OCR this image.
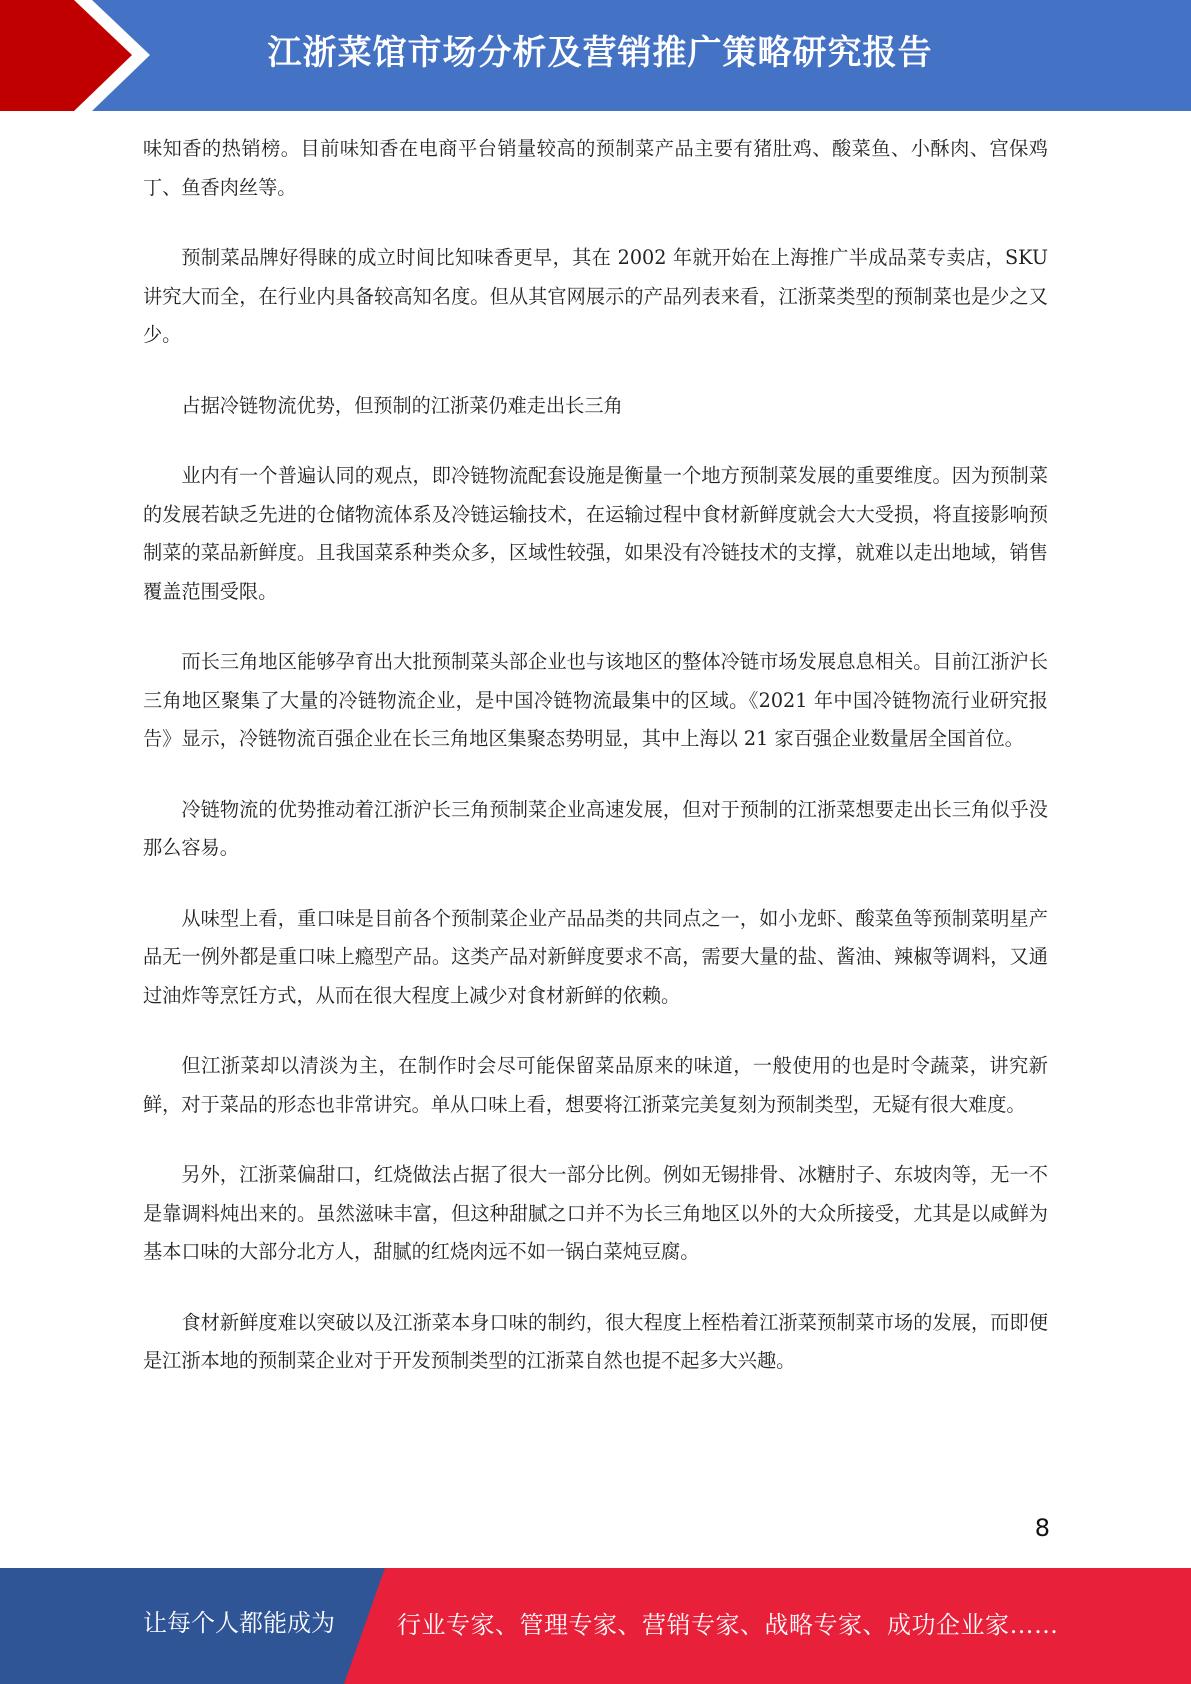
江浙菜馆市场分析及营销推广策略研究报告

味知香的热销榜。目前味知香在电商平台销量较高的预制菜产品主要有猪肚鸡、酸菜鱼、小酥肉、宫保鸡丁、鱼香肉丝等。

预制菜品牌好得睐的成立时间比知味香更早，其在 2002 年就开始在上海推广半成品菜专卖店，SKU 讲究大而全，在行业内具备较高知名度。但从其官网展示的产品列表来看，江浙菜类型的预制菜也是少之又少。

占据冷链物流优势，但预制的江浙菜仍难走出长三角

业内有一个普遍认同的观点，即冷链物流配套设施是衡量一个地方预制菜发展的重要维度。因为预制菜的发展若缺乏先进的仓储物流体系及冷链运输技术，在运输过程中食材新鲜度就会大大受损，将直接影响预制菜的菜品新鲜度。且我国菜系种类众多，区域性较强，如果没有冷链技术的支撑，就难以走出地域，销售覆盖范围受限。

而长三角地区能够孕育出大批预制菜头部企业也与该地区的整体冷链市场发展息息相关。目前江浙沪长三角地区聚集了大量的冷链物流企业，是中国冷链物流最集中的区域。《2021 年中国冷链物流行业研究报告》显示，冷链物流百强企业在长三角地区集聚态势明显，其中上海以 21 家百强企业数量居全国首位。

冷链物流的优势推动着江浙沪长三角预制菜企业高速发展，但对于预制的江浙菜想要走出长三角似乎没那么容易。

从味型上看，重口味是目前各个预制菜企业产品品类的共同点之一，如小龙虾、酸菜鱼等预制菜明星产品无一例外都是重口味上瘾型产品。这类产品对新鲜度要求不高，需要大量的盐、酱油、辣椒等调料，又通过油炸等烹饪方式，从而在很大程度上减少对食材新鲜的依赖。

但江浙菜却以清淡为主，在制作时会尽可能保留菜品原来的味道，一般使用的也是时令蔬菜，讲究新鲜，对于菜品的形态也非常讲究。单从口味上看，想要将江浙菜完美复刻为预制类型，无疑有很大难度。

另外，江浙菜偏甜口，红烧做法占据了很大一部分比例。例如无锡排骨、冰糖肘子、东坡肉等，无一不是靠调料炖出来的。虽然滋味丰富，但这种甜腻之口并不为长三角地区以外的大众所接受，尤其是以咸鲜为基本口味的大部分北方人，甜腻的红烧肉远不如一锅白菜炖豆腐。

食材新鲜度难以突破以及江浙菜本身口味的制约，很大程度上桎梏着江浙菜预制菜市场的发展，而即便是江浙本地的预制菜企业对于开发预制类型的江浙菜自然也提不起多大兴趣。

8
让每个人都能成为	行业专家、管理专家、营销专家、战略专家、成功企业家……
